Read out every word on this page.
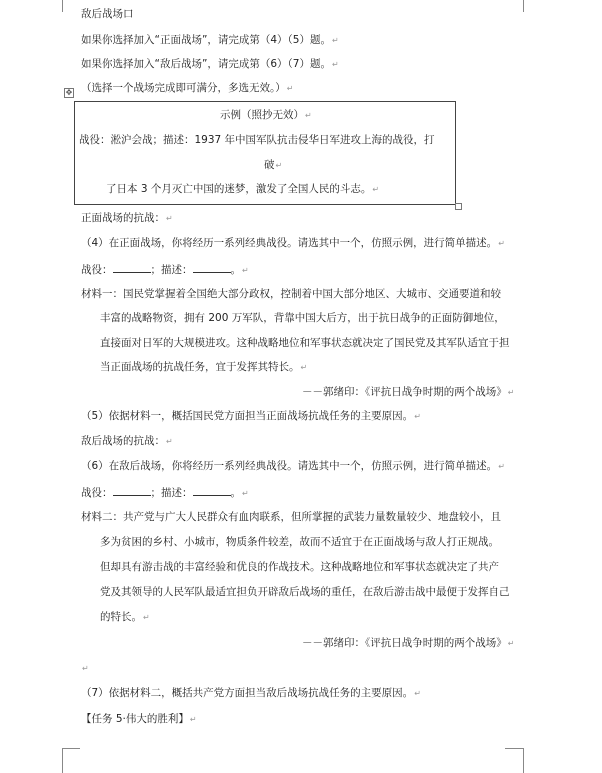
敌后战场口
如果你选择加入“正面战场”，请完成第（4）（5）题。↵
如果你选择加入“敌后战场”，请完成第（6）（7）题。↵
（选择一个战场完成即可满分，多选无效。）↵
✥
示例（照抄无效）↵
战役：淞沪会战；描述：1937 年中国军队抗击侵华日军进攻上海的战役，打
破↵
了日本 3 个月灭亡中国的迷梦，激发了全国人民的斗志。↵
正面战场的抗战：↵
（4）在正面战场，你将经历一系列经典战役。请选其中一个，仿照示例，进行简单描述。↵
战役：	；描述：	。↵
材料一：国民党掌握着全国绝大部分政权，控制着中国大部分地区、大城市、交通要道和较
丰富的战略物资，拥有 200 万军队，背靠中国大后方，出于抗日战争的正面防御地位，
直接面对日军的大规模进攻。这种战略地位和军事状态就决定了国民党及其军队适宜于担
当正面战场的抗战任务，宜于发挥其特长。↵
－－郭绪印：《评抗日战争时期的两个战场》↵
（5）依据材料一，概括国民党方面担当正面战场抗战任务的主要原因。↵
敌后战场的抗战：↵
（6）在敌后战场，你将经历一系列经典战役。请选其中一个，仿照示例，进行简单描述。↵
战役：	；描述：	。↵
材料二：共产党与广大人民群众有血肉联系，但所掌握的武装力量数量较少、地盘较小，且
多为贫困的乡村、小城市，物质条件较差，故而不适宜于在正面战场与敌人打正规战。
但却具有游击战的丰富经验和优良的作战技术。这种战略地位和军事状态就决定了共产
党及其领导的人民军队最适宜担负开辟敌后战场的重任，在敌后游击战中最便于发挥自己
的特长。↵
－－郭绪印：《评抗日战争时期的两个战场》↵
↵
（7）依据材料二，概括共产党方面担当敌后战场抗战任务的主要原因。↵
【任务 5·伟大的胜利】↵
